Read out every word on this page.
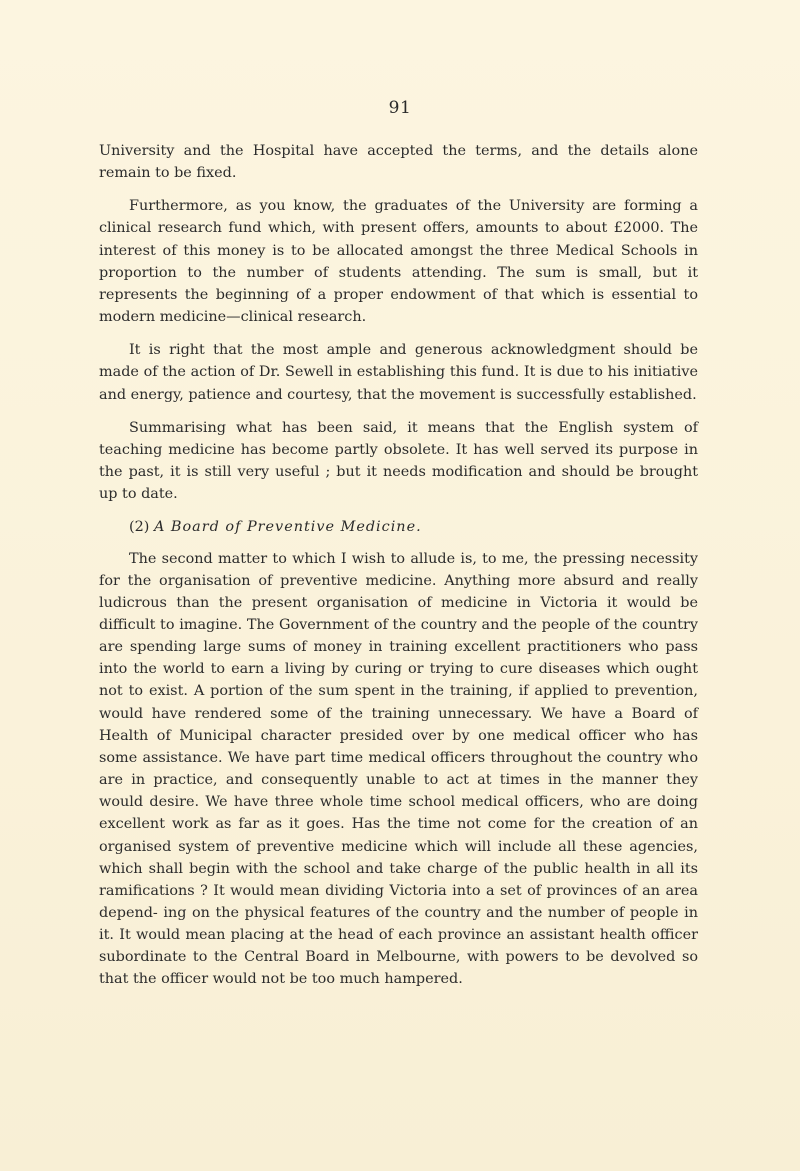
91

University and the Hospital have accepted the terms, and the details alone remain to be fixed.

Furthermore, as you know, the graduates of the University are forming a clinical research fund which, with present offers, amounts to about £2000. The interest of this money is to be allocated amongst the three Medical Schools in proportion to the number of students attending. The sum is small, but it represents the beginning of a proper endowment of that which is essential to modern medicine—clinical research.

It is right that the most ample and generous acknowledgment should be made of the action of Dr. Sewell in establishing this fund. It is due to his initiative and energy, patience and courtesy, that the movement is successfully established.

Summarising what has been said, it means that the English system of teaching medicine has become partly obsolete. It has well served its purpose in the past, it is still very useful ; but it needs modification and should be brought up to date.

(2) A Board of Preventive Medicine.

The second matter to which I wish to allude is, to me, the pressing necessity for the organisation of preventive medicine. Anything more absurd and really ludicrous than the present organisation of medicine in Victoria it would be difficult to imagine. The Government of the country and the people of the country are spending large sums of money in training excellent practitioners who pass into the world to earn a living by curing or trying to cure diseases which ought not to exist. A portion of the sum spent in the training, if applied to prevention, would have rendered some of the training unnecessary. We have a Board of Health of Municipal character presided over by one medical officer who has some assistance. We have part time medical officers throughout the country who are in practice, and consequently unable to act at times in the manner they would desire. We have three whole time school medical officers, who are doing excellent work as far as it goes. Has the time not come for the creation of an organised system of preventive medicine which will include all these agencies, which shall begin with the school and take charge of the public health in all its ramifications ? It would mean dividing Victoria into a set of provinces of an area depend- ing on the physical features of the country and the number of people in it. It would mean placing at the head of each province an assistant health officer subordinate to the Central Board in Melbourne, with powers to be devolved so that the officer would not be too much hampered.
